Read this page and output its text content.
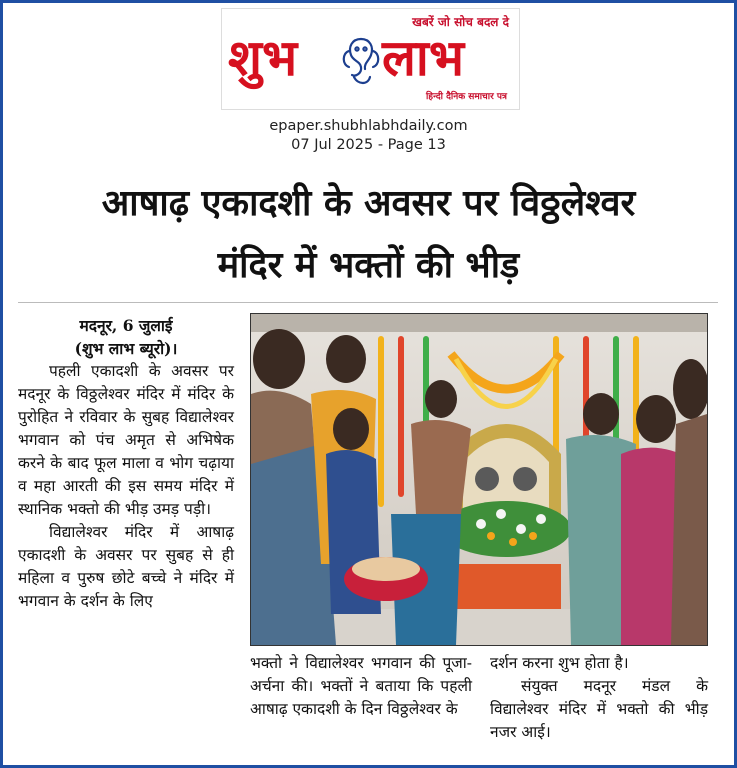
खबरें जो सोच बदल दे
शुभ लाभ
हिन्दी दैनिक समाचार पत्र
epaper.shubhlabhdaily.com
07 Jul 2025 - Page 13
आषाढ़ एकादशी के अवसर पर विठ्ठलेश्वर
मंदिर में भक्तों की भीड़
मदनूर, 6 जुलाई
(शुभ लाभ ब्यूरो)।

पहली एकादशी के अवसर पर मदनूर के विठ्ठलेश्वर मंदिर में मंदिर के पुरोहित ने रविवार के सुबह विद्यालेश्वर भगवान को पंच अमृत से अभिषेक करने के बाद फूल माला व भोग चढ़ाया व महा आरती की इस समय मंदिर में स्थानिक भक्तो की भीड़ उमड़ पड़ी।

विद्यालेश्वर मंदिर में आषाढ़ एकादशी के अवसर पर सुबह से ही महिला व पुरुष छोटे बच्चे ने मंदिर में भगवान के दर्शन के लिए

भक्तो ने विद्यालेश्वर भगवान की पूजा-अर्चना की। भक्तों ने बताया कि पहली आषाढ़ एकादशी के दिन विठ्ठलेश्वर के

दर्शन करना शुभ होता है।

संयुक्त मदनूर मंडल के विद्यालेश्वर मंदिर में भक्तो की भीड़ नजर आई।
